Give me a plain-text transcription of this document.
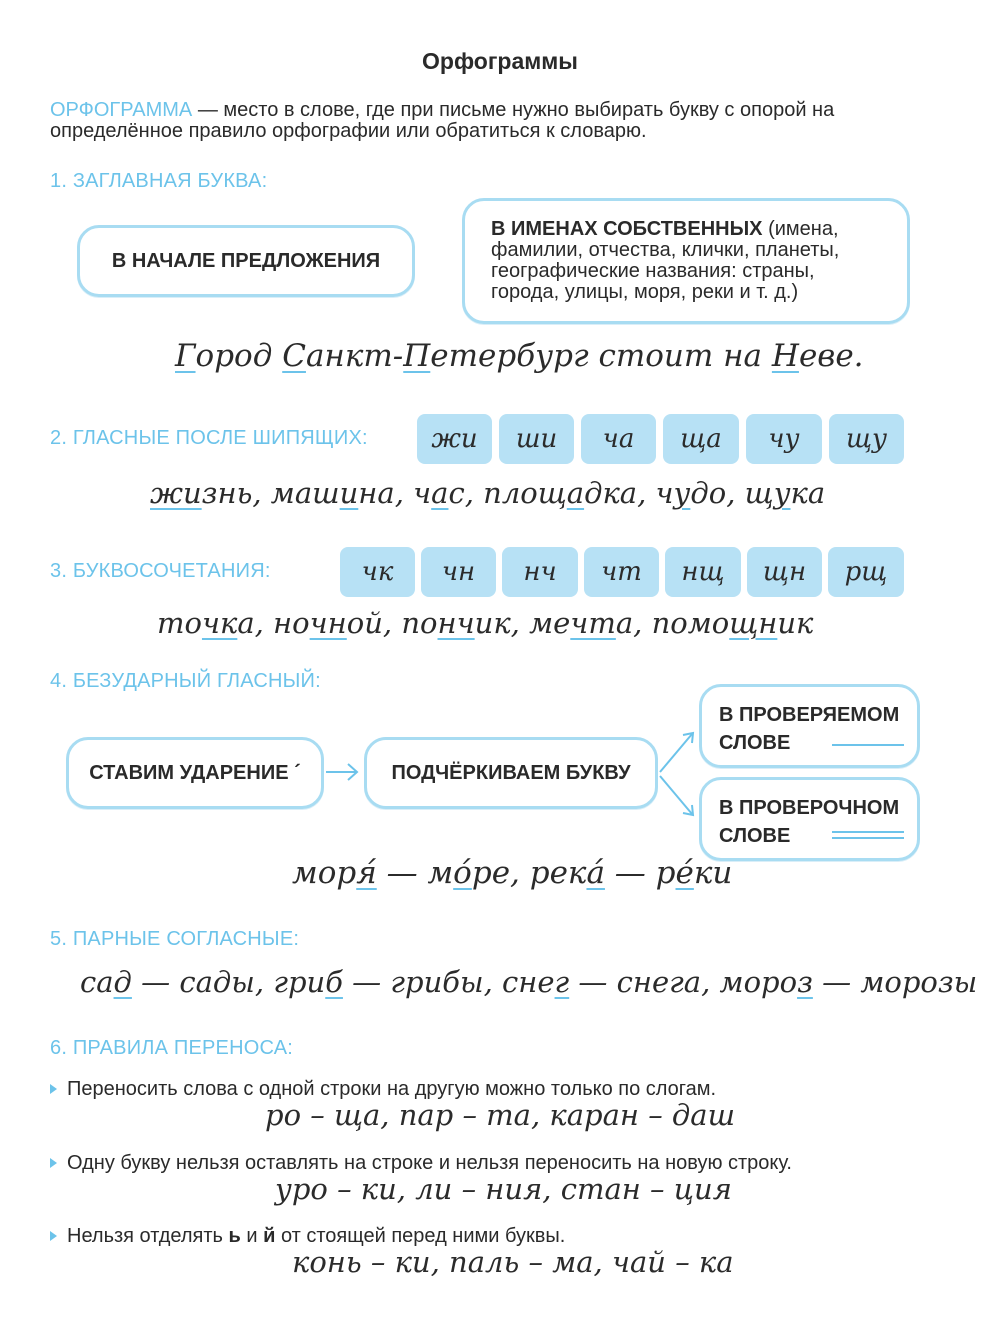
Орфограммы
ОРФОГРАММА — место в слове, где при письме нужно выбирать букву с опорой на определённое правило орфографии или обратиться к словарю.
1. ЗАГЛАВНАЯ БУКВА:
В НАЧАЛЕ ПРЕДЛОЖЕНИЯ
В ИМЕНАХ СОБСТВЕННЫХ (имена, фамилии, отчества, клички, планеты, географические названия: страны, города, улицы, моря, реки и т. д.)
Город Санкт-Петербург стоит на Неве.
2. ГЛАСНЫЕ ПОСЛЕ ШИПЯЩИХ:	жи	ши	ча	ща	чу	щу
жизнь, машина, час, площадка, чудо, щука
3. БУКВОСОЧЕТАНИЯ:	чк	чн	нч	чт	нщ	щн	рщ
точка, ночной, пончик, мечта, помощник
4. БЕЗУДАРНЫЙ ГЛАСНЫЙ:
СТАВИМ УДАРЕНИЕ ´	ПОДЧЁРКИВАЕМ БУКВУ
В ПРОВЕРЯЕМОМ
СЛОВЕ
В ПРОВЕРОЧНОМ
СЛОВЕ
моря́ — мо́ре, река́ — ре́ки
5. ПАРНЫЕ СОГЛАСНЫЕ:
сад — сады, гриб — грибы, снег — снега, мороз — морозы
6. ПРАВИЛА ПЕРЕНОСА:
Переносить слова с одной строки на другую можно только по слогам.
ро – ща, пар – та, каран – даш
Одну букву нельзя оставлять на строке и нельзя переносить на новую строку.
уро – ки, ли – ния, стан – ция
Нельзя отделять ь и й от стоящей перед ними буквы.
конь – ки, паль – ма, чай – ка
